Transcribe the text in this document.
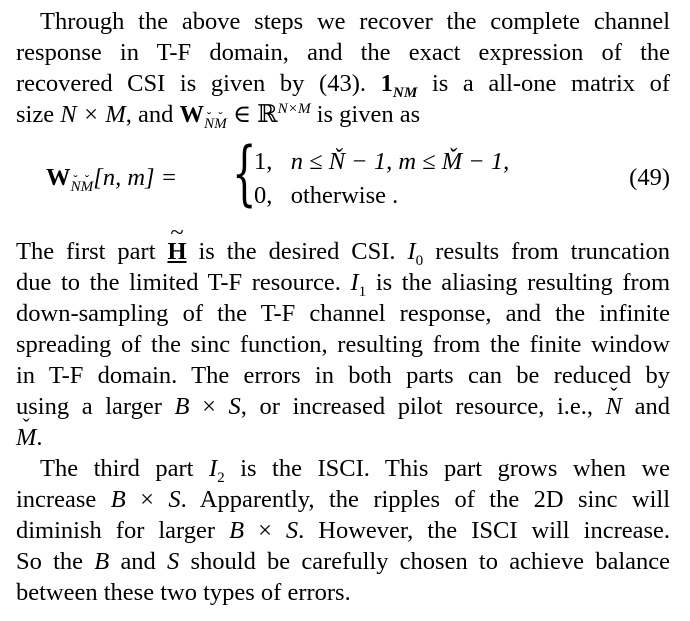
Through the above steps we recover the complete channel
response in T-F domain, and the exact expression of the
recovered CSI is given by (43). $1_{NM}$ is a all-one matrix of
size N × M, and $W_{NM}$ ∈ ℝ$^{N\times M}$ is given as
$W_{NM}[n$, m] = {
1, n ≤ Ň − 1, m ≤ M̌ − 1,
0, otherwise .
(49)
The first part ~ H is the desired CSI. $I_0$ results from truncation
due to the limited T-F resource. $I_1$ is the aliasing resulting from
down-sampling of the T-F channel response, and the infinite
spreading of the sinc function, resulting from the finite window
in T-F domain. The errors in both parts can be reduced by
using a larger B × S, or increased pilot resource, i.e., ˇ N and
ˇ M.
The third part $I_2$ is the ISCI. This part grows when we
increase B × S. Apparently, the ripples of the 2D sinc will
diminish for larger B × S. However, the ISCI will increase.
So the B and S should be carefully chosen to achieve balance
between these two types of errors.
